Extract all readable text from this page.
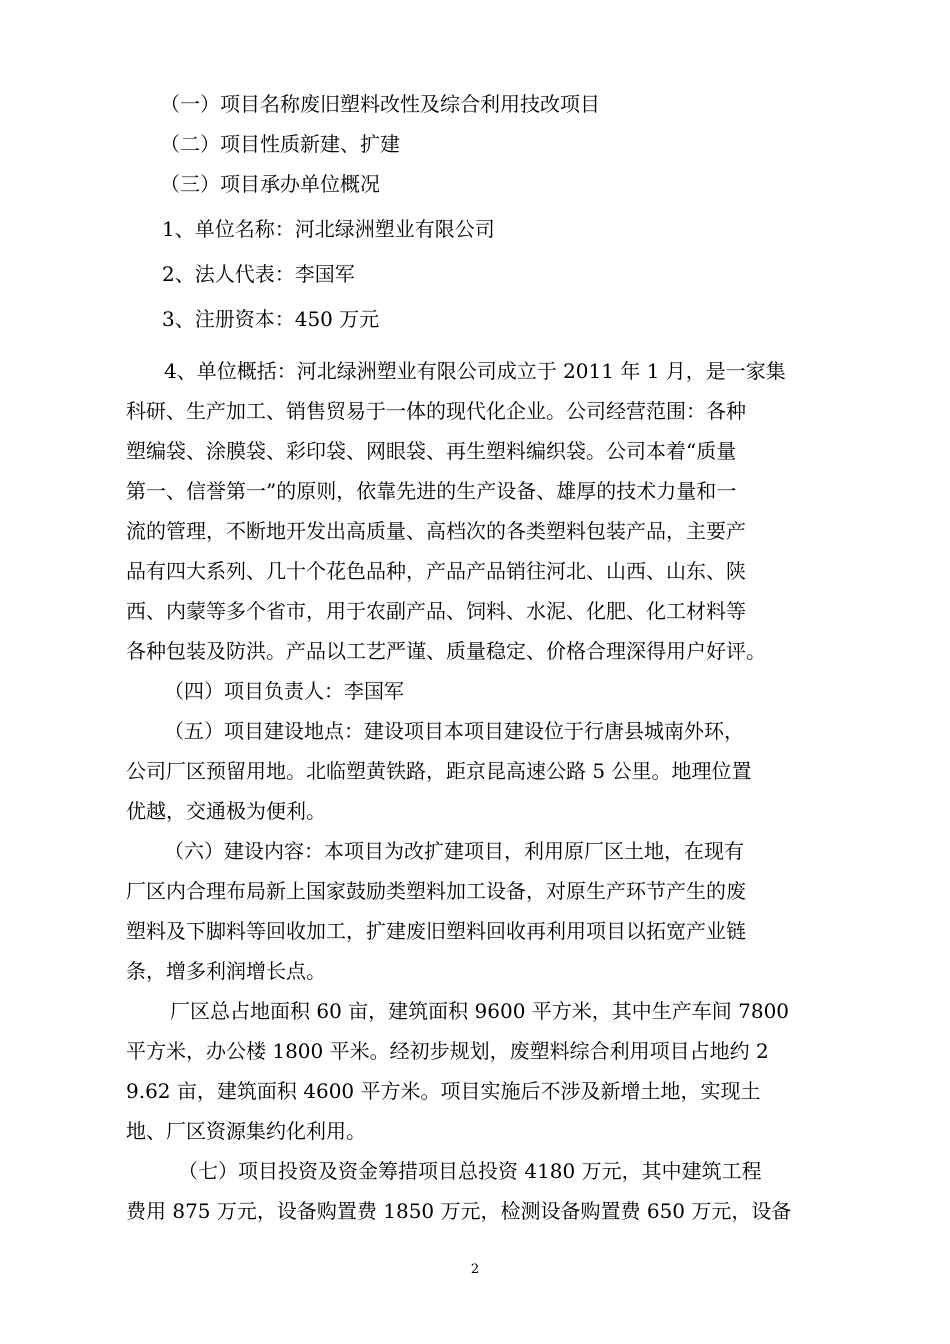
（一）项目名称废旧塑料改性及综合利用技改项目
（二）项目性质新建、扩建
（三）项目承办单位概况
1、单位名称：河北绿洲塑业有限公司
2、法人代表：李国军
3、注册资本：450 万元
4、单位概括：河北绿洲塑业有限公司成立于 2011 年 1 月，是一家集
科研、生产加工、销售贸易于一体的现代化企业。公司经营范围：各种
塑编袋、涂膜袋、彩印袋、网眼袋、再生塑料编织袋。公司本着“质量
第一、信誉第一”的原则，依靠先进的生产设备、雄厚的技术力量和一
流的管理，不断地开发出高质量、高档次的各类塑料包装产品，主要产
品有四大系列、几十个花色品种，产品产品销往河北、山西、山东、陕
西、内蒙等多个省市，用于农副产品、饲料、水泥、化肥、化工材料等
各种包装及防洪。产品以工艺严谨、质量稳定、价格合理深得用户好评。
（四）项目负责人：李国军
（五）项目建设地点：建设项目本项目建设位于行唐县城南外环，
公司厂区预留用地。北临塑黄铁路，距京昆高速公路 5 公里。地理位置
优越，交通极为便利。
（六）建设内容：本项目为改扩建项目，利用原厂区土地，在现有
厂区内合理布局新上国家鼓励类塑料加工设备，对原生产环节产生的废
塑料及下脚料等回收加工，扩建废旧塑料回收再利用项目以拓宽产业链
条，增多利润增长点。
厂区总占地面积 60 亩，建筑面积 9600 平方米，其中生产车间 7800
平方米，办公楼 1800 平米。经初步规划，废塑料综合利用项目占地约 2
9.62 亩，建筑面积 4600 平方米。项目实施后不涉及新增土地，实现土
地、厂区资源集约化利用。
（七）项目投资及资金筹措项目总投资 4180 万元，其中建筑工程
费用 875 万元，设备购置费 1850 万元，检测设备购置费 650 万元，设备
2
